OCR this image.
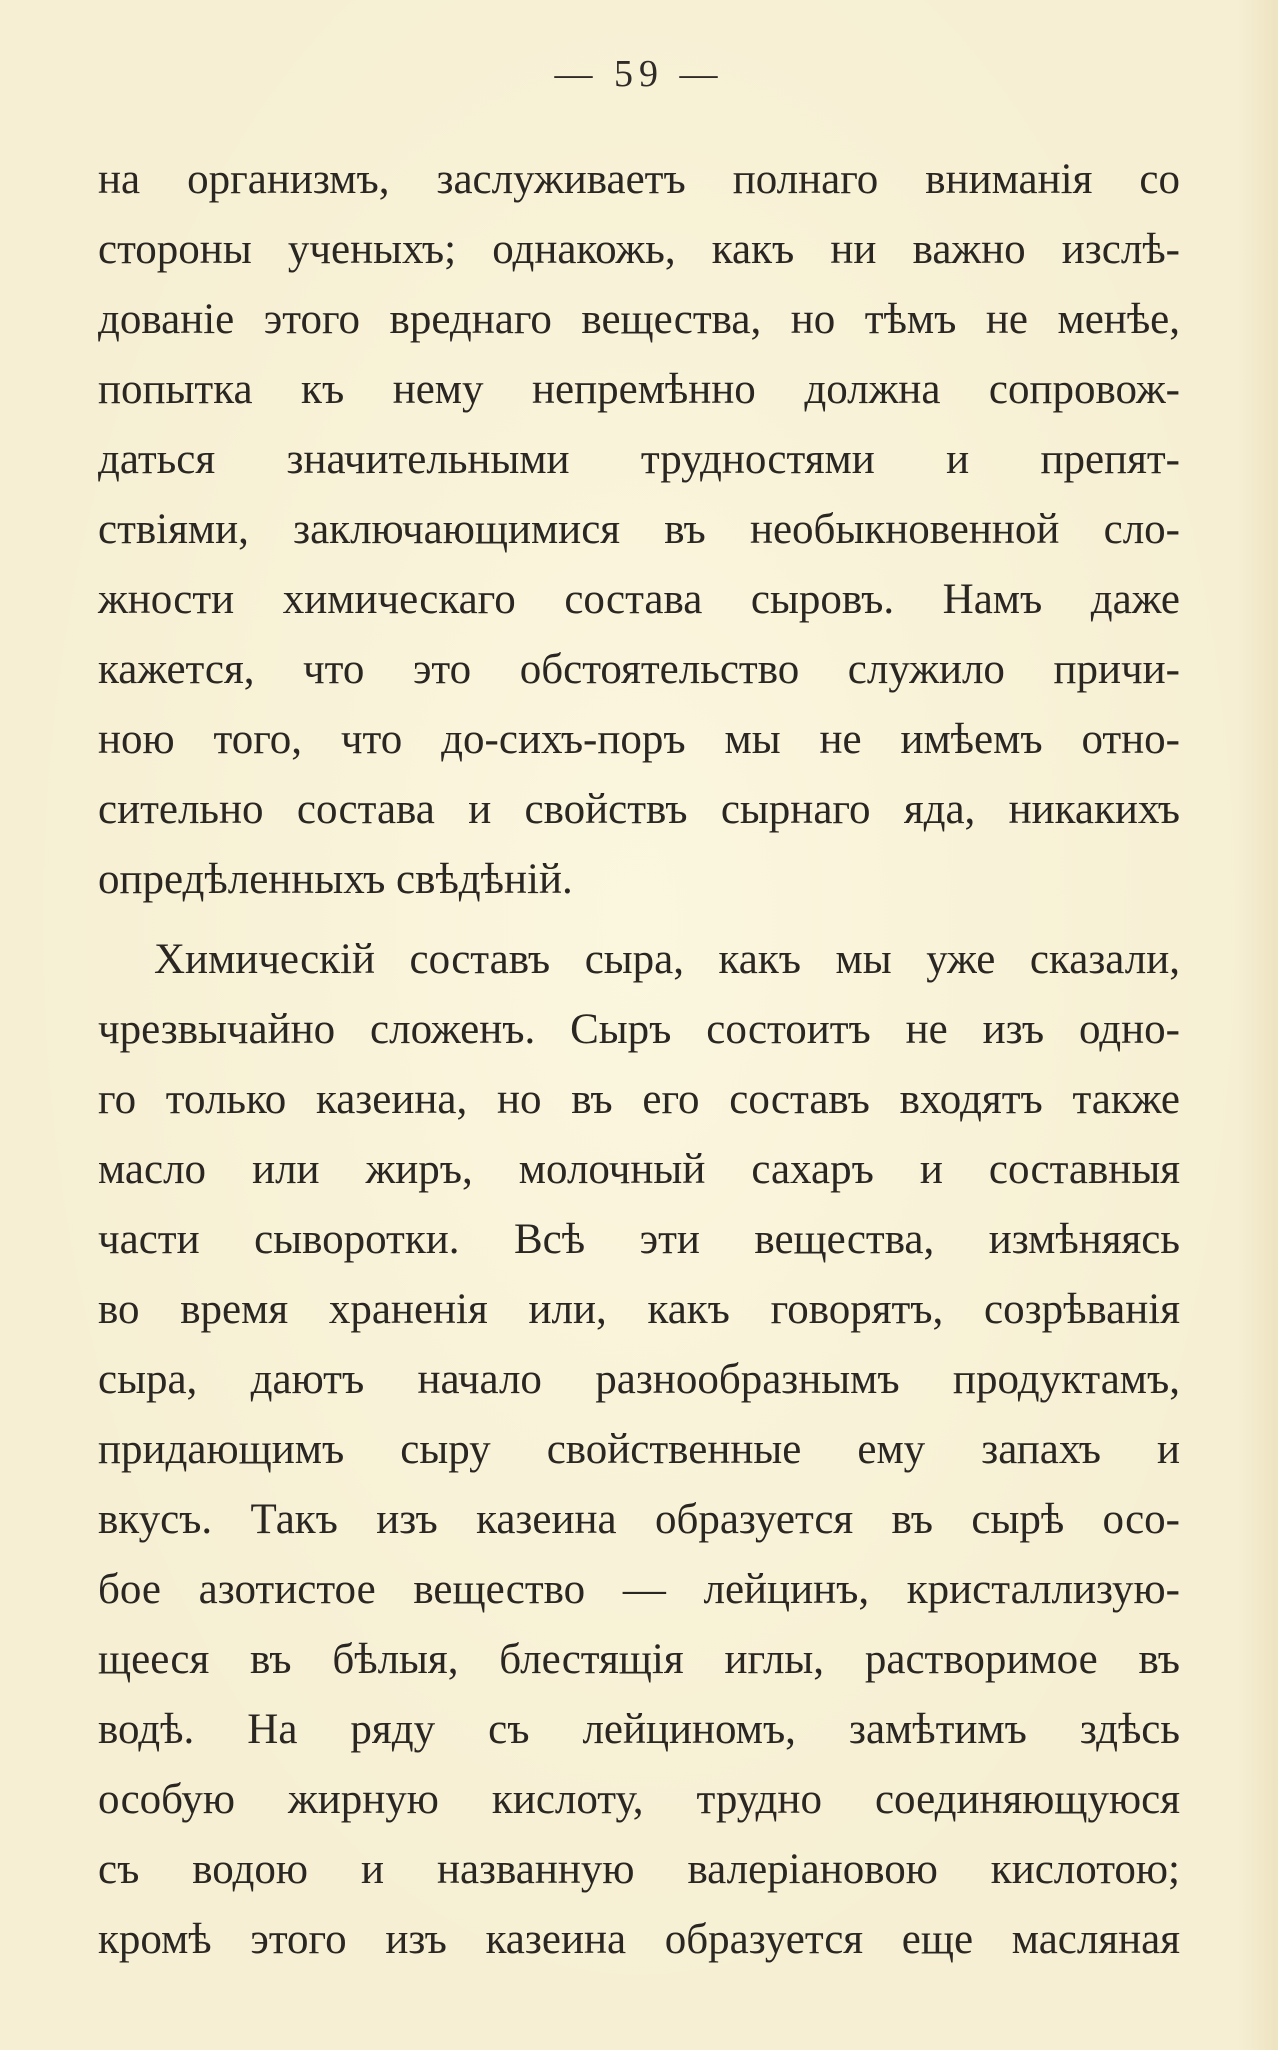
— 59 —
на организмъ, заслуживаетъ полнаго вниманія со
стороны ученыхъ; однакожь, какъ ни важно изслѣ-
дованіе этого вреднаго вещества, но тѣмъ не менѣе,
попытка къ нему непремѣнно должна сопровож-
даться значительными трудностями и препят-
ствіями, заключающимися въ необыкновенной сло-
жности химическаго состава сыровъ. Намъ даже
кажется, что это обстоятельство служило причи-
ною того, что до-сихъ-поръ мы не имѣемъ отно-
сительно состава и свойствъ сырнаго яда, никакихъ
опредѣленныхъ свѣдѣній.
Химическій составъ сыра, какъ мы уже сказали,
чрезвычайно сложенъ. Сыръ состоитъ не изъ одно-
го только казеина, но въ его составъ входятъ также
масло или жиръ, молочный сахаръ и составныя
части сыворотки. Всѣ эти вещества, измѣняясь
во время храненія или, какъ говорятъ, созрѣванія
сыра, даютъ начало разнообразнымъ продуктамъ,
придающимъ сыру свойственные ему запахъ и
вкусъ. Такъ изъ казеина образуется въ сырѣ осо-
бое азотистое вещество — лейцинъ, кристаллизую-
щееся въ бѣлыя, блестящія иглы, растворимое въ
водѣ. На ряду съ лейциномъ, замѣтимъ здѣсь
особую жирную кислоту, трудно соединяющуюся
съ водою и названную валеріановою кислотою;
кромѣ этого изъ казеина образуется еще масляная
